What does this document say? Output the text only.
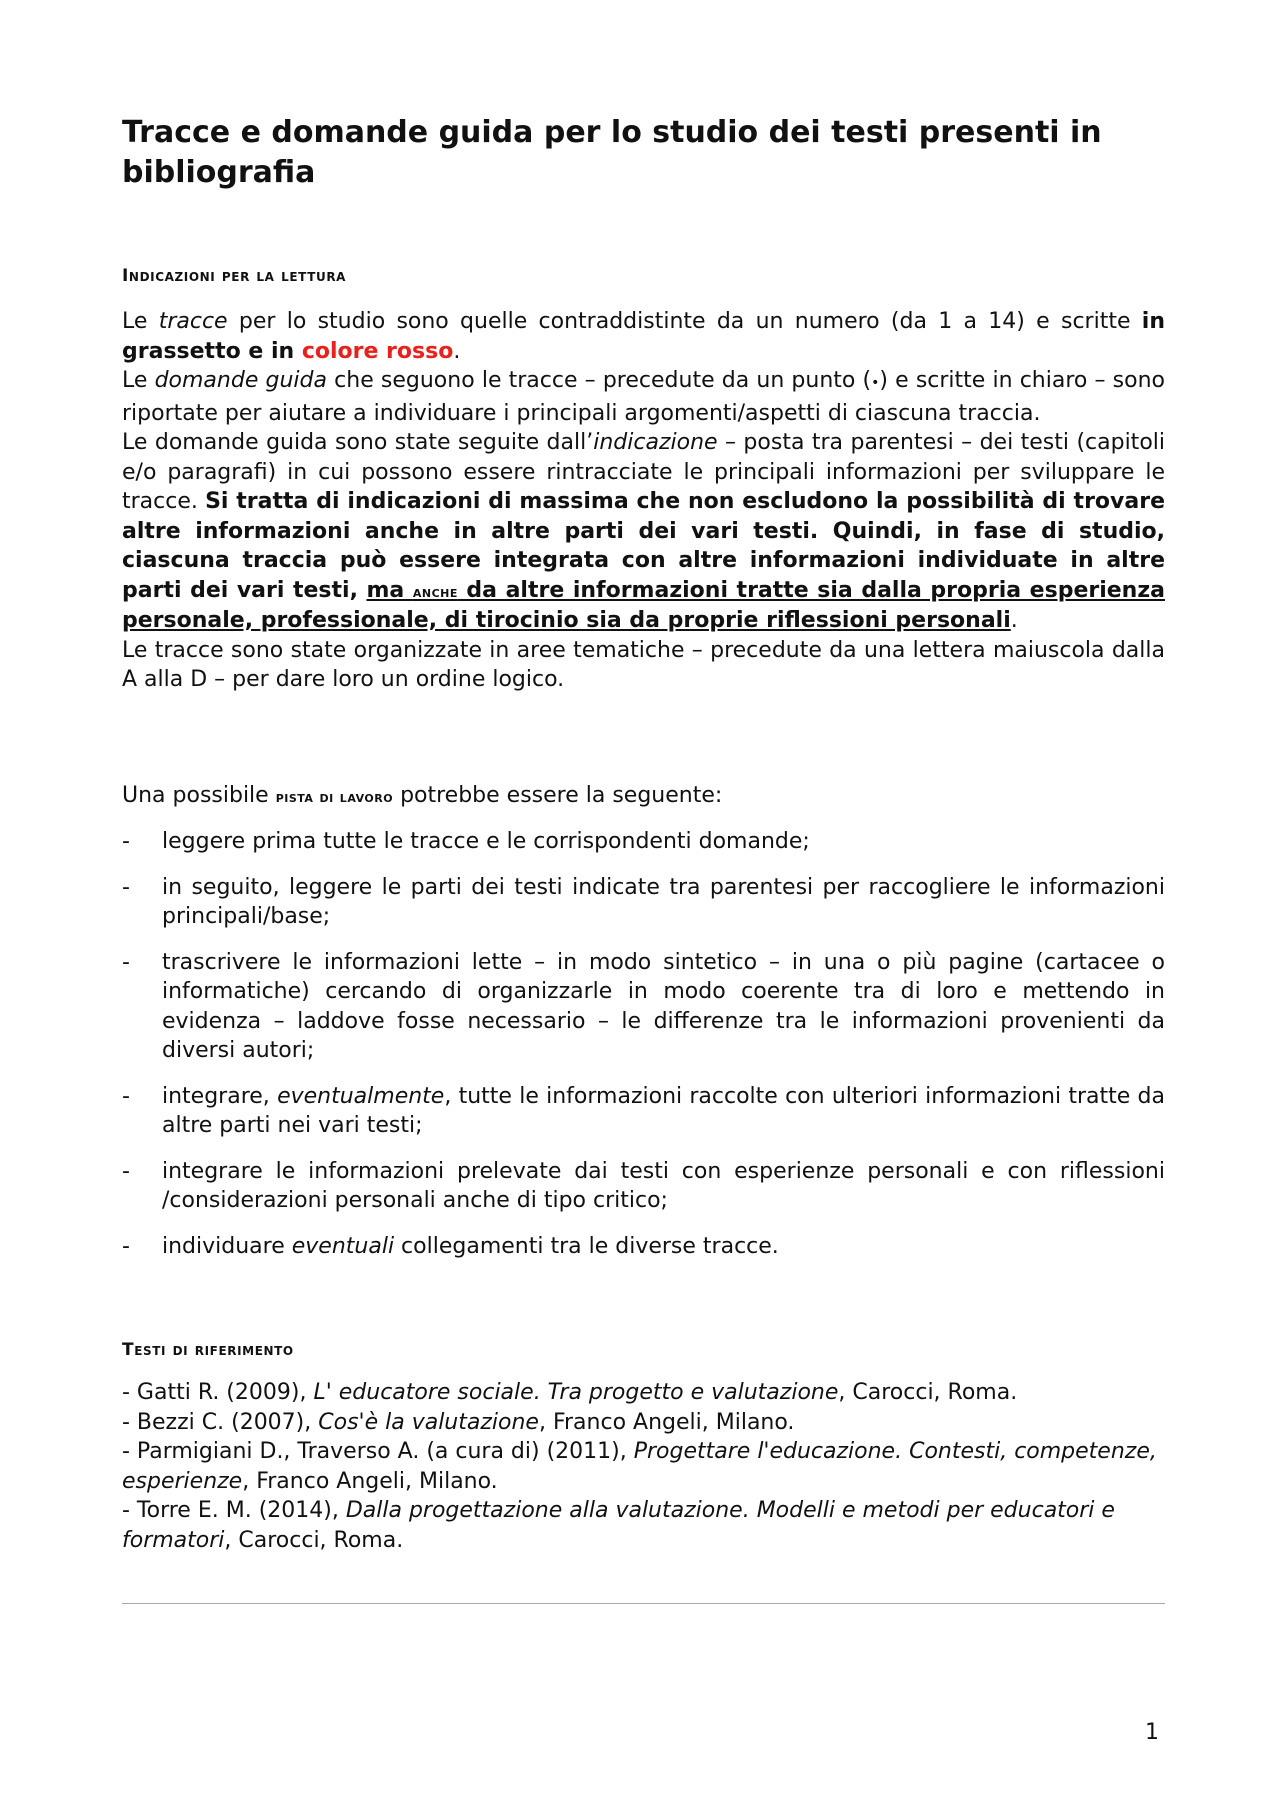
Tracce e domande guida per lo studio dei testi presenti in bibliografia
Indicazioni per la lettura

Le tracce per lo studio sono quelle contraddistinte da un numero (da 1 a 14) e scritte in grassetto e in colore rosso.

Le domande guida che seguono le tracce – precedute da un punto (•) e scritte in chiaro – sono riportate per aiutare a individuare i principali argomenti/aspetti di ciascuna traccia.

Le domande guida sono state seguite dall’indicazione – posta tra parentesi – dei testi (capitoli e/o paragrafi) in cui possono essere rintracciate le principali informazioni per sviluppare le tracce. Si tratta di indicazioni di massima che non escludono la possibilità di trovare altre informazioni anche in altre parti dei vari testi. Quindi, in fase di studio, ciascuna traccia può essere integrata con altre informazioni individuate in altre parti dei vari testi, ma anche da altre informazioni tratte sia dalla propria esperienza personale, professionale, di tirocinio sia da proprie riflessioni personali.

Le tracce sono state organizzate in aree tematiche – precedute da una lettera maiuscola dalla A alla D – per dare loro un ordine logico.

Una possibile pista di lavoro potrebbe essere la seguente:

- leggere prima tutte le tracce e le corrispondenti domande;
- in seguito, leggere le parti dei testi indicate tra parentesi per raccogliere le informazioni principali/base;
- trascrivere le informazioni lette – in modo sintetico – in una o più pagine (cartacee o informatiche) cercando di organizzarle in modo coerente tra di loro e mettendo in evidenza – laddove fosse necessario – le differenze tra le informazioni provenienti da diversi autori;
- integrare, eventualmente, tutte le informazioni raccolte con ulteriori informazioni tratte da altre parti nei vari testi;
- integrare le informazioni prelevate dai testi con esperienze personali e con riflessioni /considerazioni personali anche di tipo critico;
- individuare eventuali collegamenti tra le diverse tracce.
Testi di riferimento

- Gatti R. (2009), L' educatore sociale. Tra progetto e valutazione, Carocci, Roma.

- Bezzi C. (2007), Cos'è la valutazione, Franco Angeli, Milano.

- Parmigiani D., Traverso A. (a cura di) (2011), Progettare l'educazione. Contesti, competenze, esperienze, Franco Angeli, Milano.

- Torre E. M. (2014), Dalla progettazione alla valutazione. Modelli e metodi per educatori e formatori, Carocci, Roma.

1
